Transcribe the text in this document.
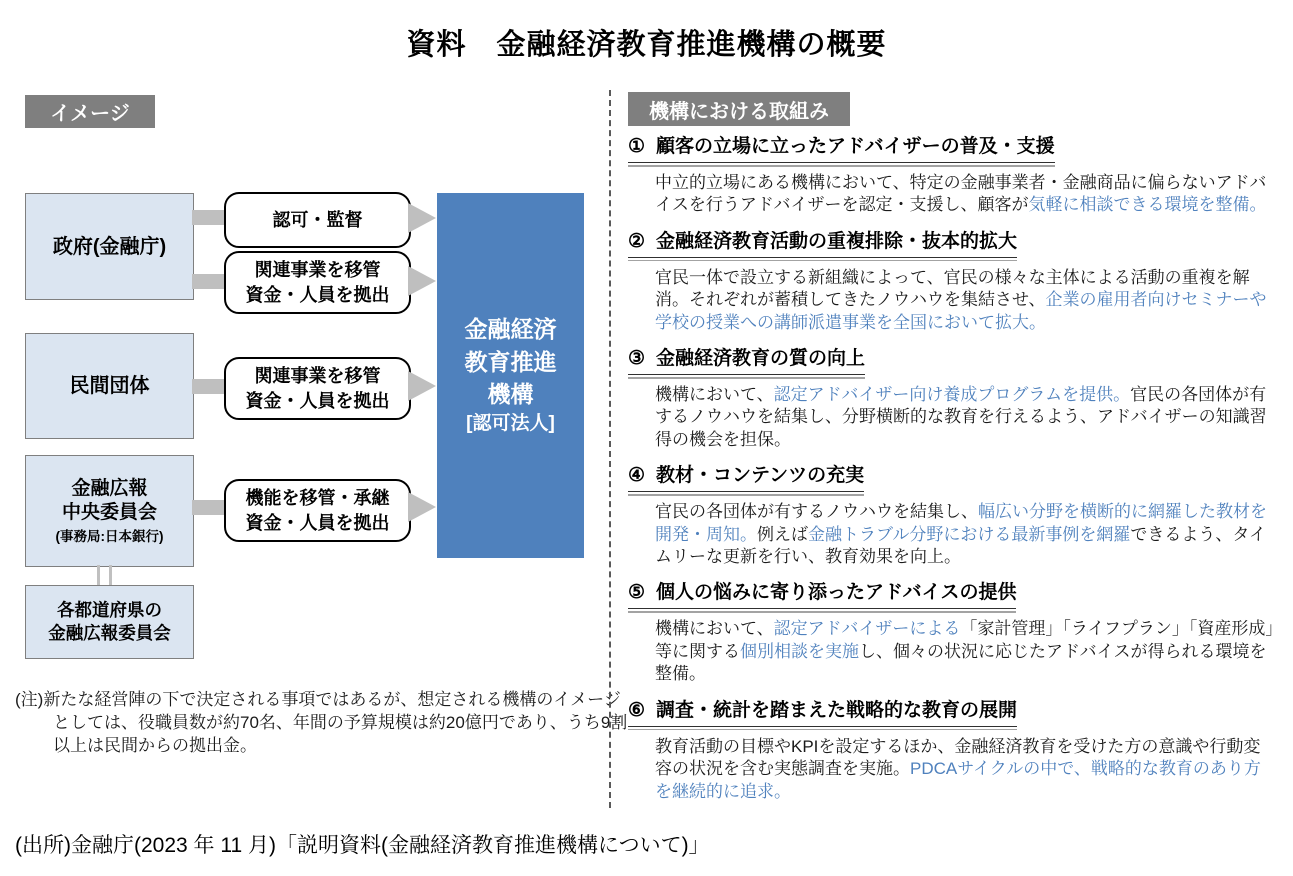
資料　金融経済教育推進機構の概要
イメージ
政府(金融庁)
民間団体
金融広報
中央委員会
(事務局:日本銀行)
各都道府県の
金融広報委員会
認可・監督
関連事業を移管
資金・人員を拠出
関連事業を移管
資金・人員を拠出
機能を移管・承継
資金・人員を拠出
金融経済
教育推進
機構
[認可法人]
(注)新たな経営陣の下で決定される事項ではあるが、想定される機構のイメージとしては、役職員数が約70名、年間の予算規模は約20億円であり、うち9割以上は民間からの拠出金。
機構における取組み
① 顧客の立場に立ったアドバイザーの普及・支援
中立的立場にある機構において、特定の金融事業者・金融商品に偏らないアドバイスを行うアドバイザーを認定・支援し、顧客が気軽に相談できる環境を整備。
② 金融経済教育活動の重複排除・抜本的拡大
官民一体で設立する新組織によって、官民の様々な主体による活動の重複を解消。それぞれが蓄積してきたノウハウを集結させ、企業の雇用者向けセミナーや学校の授業への講師派遣事業を全国において拡大。
③ 金融経済教育の質の向上
機構において、認定アドバイザー向け養成プログラムを提供。官民の各団体が有するノウハウを結集し、分野横断的な教育を行えるよう、アドバイザーの知識習得の機会を担保。
④ 教材・コンテンツの充実
官民の各団体が有するノウハウを結集し、幅広い分野を横断的に網羅した教材を開発・周知。例えば金融トラブル分野における最新事例を網羅できるよう、タイムリーな更新を行い、教育効果を向上。
⑤ 個人の悩みに寄り添ったアドバイスの提供
機構において、認定アドバイザーによる「家計管理」「ライフプラン」「資産形成」等に関する個別相談を実施し、個々の状況に応じたアドバイスが得られる環境を整備。
⑥ 調査・統計を踏まえた戦略的な教育の展開
教育活動の目標やKPIを設定するほか、金融経済教育を受けた方の意識や行動変容の状況を含む実態調査を実施。PDCAサイクルの中で、戦略的な教育のあり方を継続的に追求。
(出所)金融庁(2023 年 11 月)「説明資料(金融経済教育推進機構について)」
